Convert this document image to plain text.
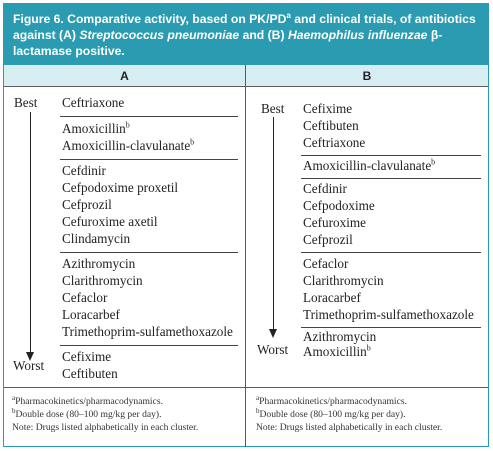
Figure 6. Comparative activity, based on $PK/PD^a$ and clinical trials, of antibiotics against (A) Streptococcus pneumoniae and (B) Haemophilus influenzae β-lactamase positive.
A	B
Best
Worst
Ceftriaxone
Amoxicillin$^b$
Amoxicillin-clavulanate$^b$
Cefdinir
Cefpodoxime proxetil
Cefprozil
Cefuroxime axetil
Clindamycin
Azithromycin
Clarithromycin
Cefaclor
Loracarbef
Trimethoprim-sulfamethoxazole
Cefixime
Ceftibuten
Best
Worst
Cefixime
Ceftibuten
Ceftriaxone
Amoxicillin-clavulanate$^b$
Cefdinir
Cefpodoxime
Cefuroxime
Cefprozil
Cefaclor
Clarithromycin
Loracarbef
Trimethoprim-sulfamethoxazole
Azithromycin
Amoxicillin$^b$
$^a$Pharmacokinetics/pharmacodynamics.
$^b$Double dose (80–100 mg/kg per day).
Note: Drugs listed alphabetically in each cluster.
$^a$Pharmacokinetics/pharmacodynamics.
$^b$Double dose (80–100 mg/kg per day).
Note: Drugs listed alphabetically in each cluster.
